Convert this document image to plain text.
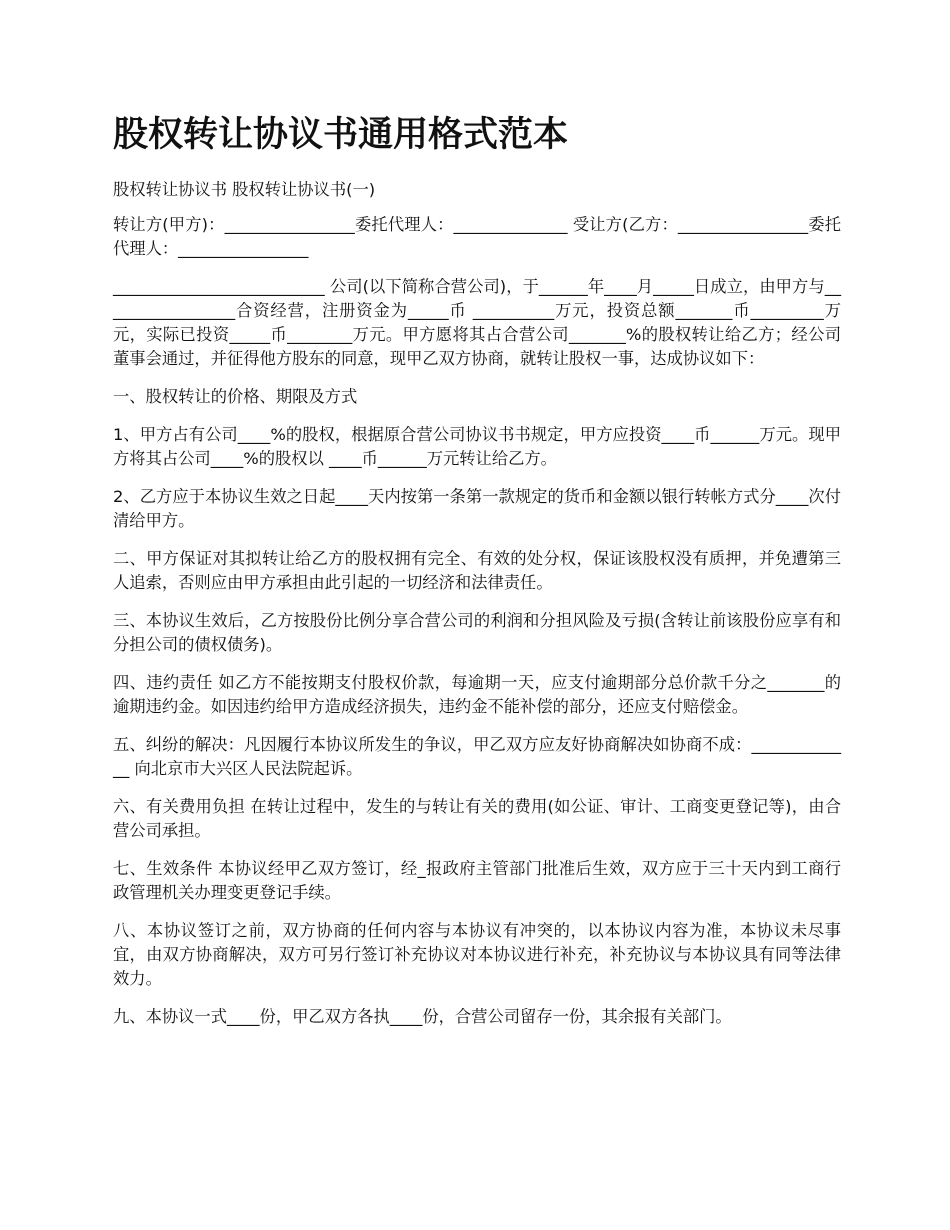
股权转让协议书通用格式范本

股权转让协议书 股权转让协议书(一)

转让方(甲方)：________________委托代理人：______________ 受让方(乙方：________________委托代理人：________________

__________________________ 公司(以下简称合营公司)，于______年____月_____日成立，由甲方与_________________合资经营，注册资金为_____币 __________万元，投资总额_______币_________万元，实际已投资_____币________万元。甲方愿将其占合营公司_______%的股权转让给乙方；经公司董事会通过，并征得他方股东的同意，现甲乙双方协商，就转让股权一事，达成协议如下：

一、股权转让的价格、期限及方式

1、甲方占有公司____%的股权，根据原合营公司协议书书规定，甲方应投资____币______万元。现甲方将其占公司____%的股权以 ____币______万元转让给乙方。

2、乙方应于本协议生效之日起____天内按第一条第一款规定的货币和金额以银行转帐方式分____次付清给甲方。

二、甲方保证对其拟转让给乙方的股权拥有完全、有效的处分权，保证该股权没有质押，并免遭第三人追索，否则应由甲方承担由此引起的一切经济和法律责任。

三、本协议生效后，乙方按股份比例分享合营公司的利润和分担风险及亏损(含转让前该股份应享有和分担公司的债权债务)。

四、违约责任 如乙方不能按期支付股权价款，每逾期一天，应支付逾期部分总价款千分之_______的逾期违约金。如因违约给甲方造成经济损失，违约金不能补偿的部分，还应支付赔偿金。

五、纠纷的解决：凡因履行本协议所发生的争议，甲乙双方应友好协商解决如协商不成：_____________ 向北京市大兴区人民法院起诉。

六、有关费用负担 在转让过程中，发生的与转让有关的费用(如公证、审计、工商变更登记等)，由合营公司承担。

七、生效条件 本协议经甲乙双方签订，经_报政府主管部门批准后生效，双方应于三十天内到工商行政管理机关办理变更登记手续。

八、本协议签订之前，双方协商的任何内容与本协议有冲突的，以本协议内容为准，本协议未尽事宜，由双方协商解决，双方可另行签订补充协议对本协议进行补充，补充协议与本协议具有同等法律效力。

九、本协议一式____份，甲乙双方各执____份，合营公司留存一份，其余报有关部门。
